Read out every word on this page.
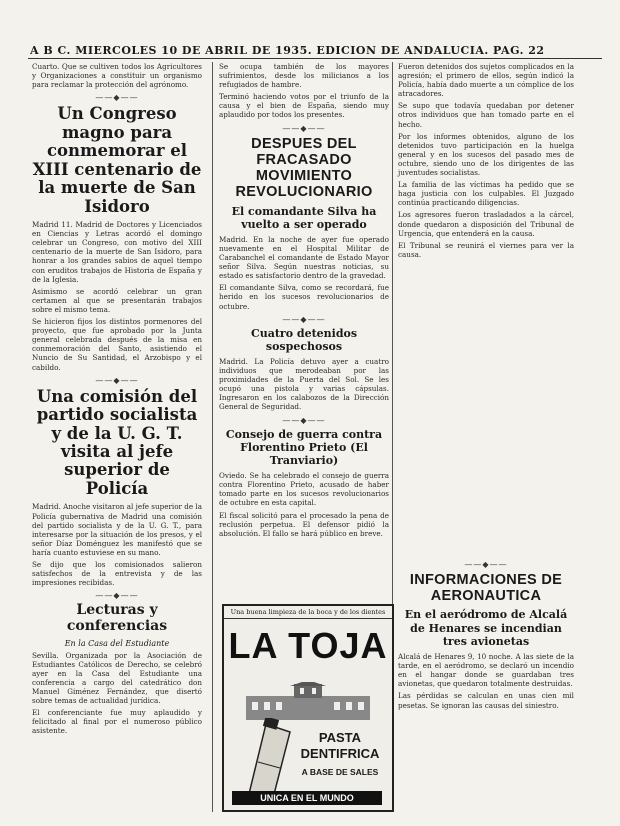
A B C. MIERCOLES 10 DE ABRIL DE 1935. EDICION DE ANDALUCIA. PAG. 22

Cuarto. Que se cultiven todos los Agricultores y Organizaciones a constituir un organismo para reclamar la protección del agrónomo.

——◆——
Un Congreso magno para conmemorar el XIII centenario de la muerte de San Isidoro

Madrid 11. Madrid de Doctores y Licenciados en Ciencias y Letras acordó el domingo celebrar un Congreso, con motivo del XIII centenario de la muerte de San Isidoro, para honrar a los grandes sabios de aquel tiempo con eruditos trabajos de Historia de España y de la Iglesia.

Asimismo se acordó celebrar un gran certamen al que se presentarán trabajos sobre el mismo tema.

Se hicieron fijos los distintos pormenores del proyecto, que fue aprobado por la Junta general celebrada después de la misa en conmemoración del Santo, asistiendo el Nuncio de Su Santidad, el Arzobispo y el cabildo.

——◆——
Una comisión del partido socialista y de la U. G. T. visita al jefe superior de Policía

Madrid. Anoche visitaron al jefe superior de la Policía gubernativa de Madrid una comisión del partido socialista y de la U. G. T., para interesarse por la situación de los presos, y el señor Díaz Doménguez les manifestó que se haría cuanto estuviese en su mano.

Se dijo que los comisionados salieron satisfechos de la entrevista y de las impresiones recibidas.

——◆——
Lecturas y conferencias
En la Casa del Estudiante

Sevilla. Organizada por la Asociación de Estudiantes Católicos de Derecho, se celebró ayer en la Casa del Estudiante una conferencia a cargo del catedrático don Manuel Giménez Fernández, que disertó sobre temas de actualidad jurídica.

El conferenciante fue muy aplaudido y felicitado al final por el numeroso público asistente.

Se ocupa también de los mayores sufrimientos, desde los milicianos a los refugiados de hambre.

Terminó haciendo votos por el triunfo de la causa y el bien de España, siendo muy aplaudido por todos los presentes.

——◆——
DESPUES DEL FRACASADO MOVIMIENTO REVOLUCIONARIO
El comandante Silva ha vuelto a ser operado

Madrid. En la noche de ayer fue operado nuevamente en el Hospital Militar de Carabanchel el comandante de Estado Mayor señor Silva. Según nuestras noticias, su estado es satisfactorio dentro de la gravedad.

El comandante Silva, como se recordará, fue herido en los sucesos revolucionarios de octubre.

——◆——
Cuatro detenidos sospechosos

Madrid. La Policía detuvo ayer a cuatro individuos que merodeaban por las proximidades de la Puerta del Sol. Se les ocupó una pistola y varias cápsulas. Ingresaron en los calabozos de la Dirección General de Seguridad.

——◆——
Consejo de guerra contra Florentino Prieto (El Tranviario)

Oviedo. Se ha celebrado el consejo de guerra contra Florentino Prieto, acusado de haber tomado parte en los sucesos revolucionarios de octubre en esta capital.

El fiscal solicitó para el procesado la pena de reclusión perpetua. El defensor pidió la absolución. El fallo se hará público en breve.

Una buena limpieza de la boca y de los dientes
LA TOJA
PASTA
DENTIFRICA
A BASE DE SALES
UNICA EN EL MUNDO

Fueron detenidos dos sujetos complicados en la agresión; el primero de ellos, según indicó la Policía, había dado muerte a un cómplice de los atracadores.

Se supo que todavía quedaban por detener otros individuos que han tomado parte en el hecho.

Por los informes obtenidos, alguno de los detenidos tuvo participación en la huelga general y en los sucesos del pasado mes de octubre, siendo uno de los dirigentes de las juventudes socialistas.

La familia de las víctimas ha pedido que se haga justicia con los culpables. El Juzgado continúa practicando diligencias.

Los agresores fueron trasladados a la cárcel, donde quedaron a disposición del Tribunal de Urgencia, que entenderá en la causa.

El Tribunal se reunirá el viernes para ver la causa.

——◆——
INFORMACIONES DE AERONAUTICA
En el aeródromo de Alcalá de Henares se incendian tres avionetas

Alcalá de Henares 9, 10 noche. A las siete de la tarde, en el aeródromo, se declaró un incendio en el hangar donde se guardaban tres avionetas, que quedaron totalmente destruidas.

Las pérdidas se calculan en unas cien mil pesetas. Se ignoran las causas del siniestro.
